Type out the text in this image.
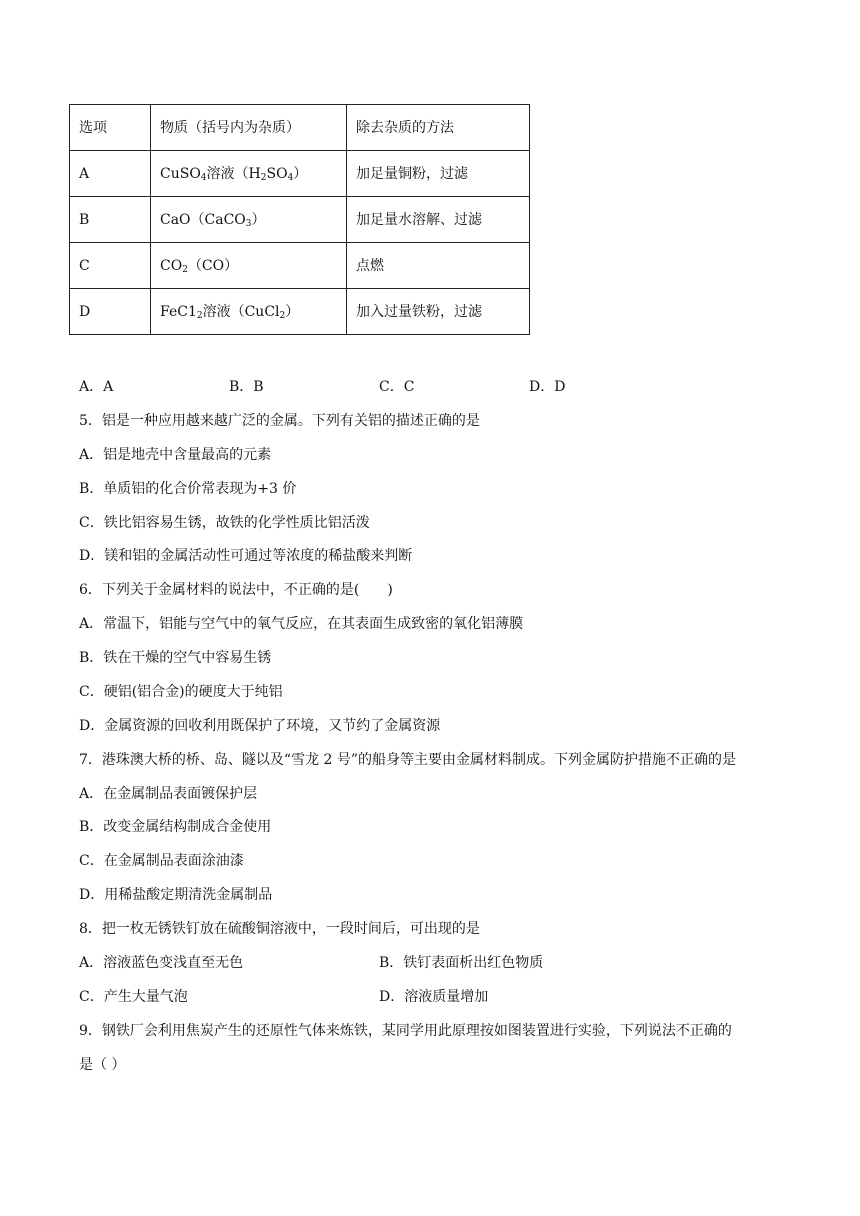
选项	物质（括号内为杂质）	除去杂质的方法
A	CuSO$_4$溶液$(H_2SO_4)$	加足量铜粉，过滤
B	CaO（CaCO$_3$）	加足量水溶解、过滤
C	$CO_2(CO)$	点燃
D	$FeC1_2$溶液（CuCl$_2$）	加入过量铁粉，过滤
A．A	B．B	C．C	D．D
5．铝是一种应用越来越广泛的金属。下列有关铝的描述正确的是
A．铝是地壳中含量最高的元素
B．单质铝的化合价常表现为+3 价
C．铁比铝容易生锈，故铁的化学性质比铝活泼
D．镁和铝的金属活动性可通过等浓度的稀盐酸来判断
6．下列关于金属材料的说法中，不正确的是(　　)
A．常温下，铝能与空气中的氧气反应，在其表面生成致密的氧化铝薄膜
B．铁在干燥的空气中容易生锈
C．硬铝(铝合金)的硬度大于纯铝
D．金属资源的回收利用既保护了环境，又节约了金属资源
7．港珠澳大桥的桥、岛、隧以及“雪龙 2 号”的船身等主要由金属材料制成。下列金属防护措施不正确的是
A．在金属制品表面镀保护层
B．改变金属结构制成合金使用
C．在金属制品表面涂油漆
D．用稀盐酸定期清洗金属制品
8．把一枚无锈铁钉放在硫酸铜溶液中，一段时间后，可出现的是
A．溶液蓝色变浅直至无色	B．铁钉表面析出红色物质
C．产生大量气泡	D．溶液质量增加
9．钢铁厂会利用焦炭产生的还原性气体来炼铁，某同学用此原理按如图装置进行实验，下列说法不正确的
是（ ）
